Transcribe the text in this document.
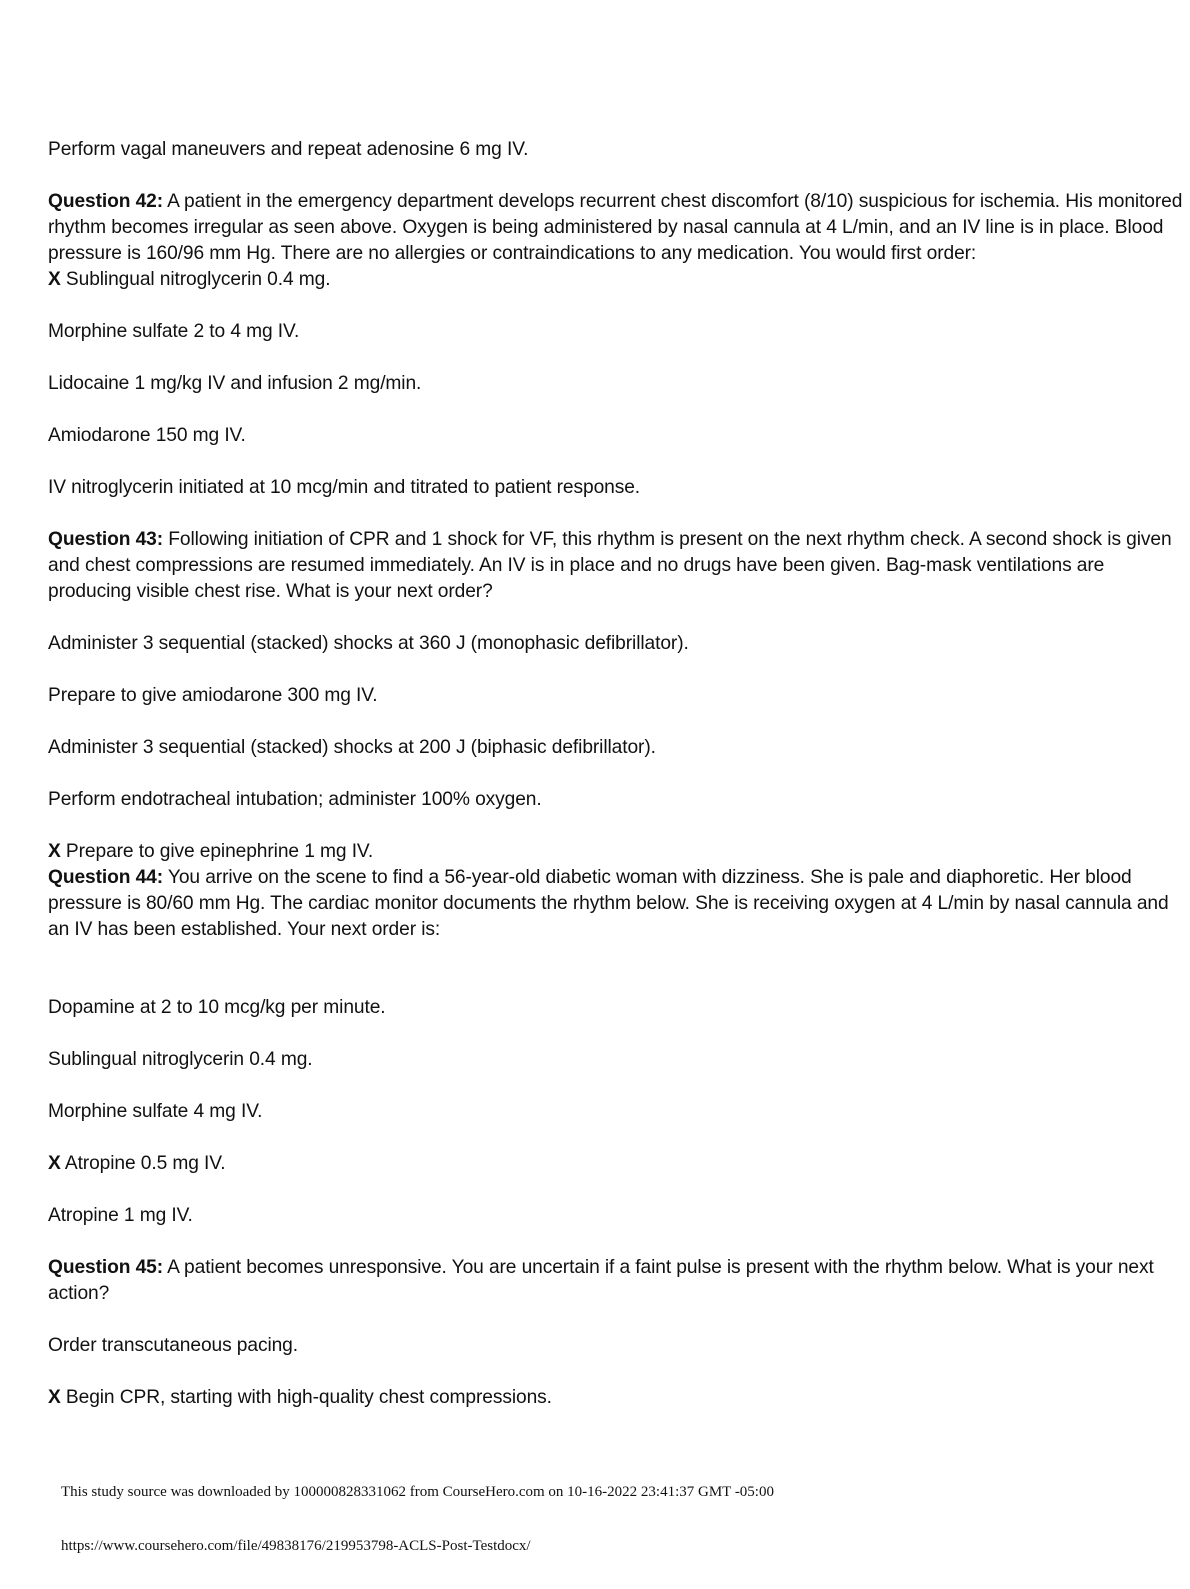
Perform vagal maneuvers and repeat adenosine 6 mg IV.

Question 42: A patient in the emergency department develops recurrent chest discomfort (8/10) suspicious for ischemia. His monitored rhythm becomes irregular as seen above. Oxygen is being administered by nasal cannula at 4 L/min, and an IV line is in place. Blood pressure is 160/96 mm Hg. There are no allergies or contraindications to any medication. You would first order:

X Sublingual nitroglycerin 0.4 mg.

Morphine sulfate 2 to 4 mg IV.

Lidocaine 1 mg/kg IV and infusion 2 mg/min.

Amiodarone 150 mg IV.

IV nitroglycerin initiated at 10 mcg/min and titrated to patient response.

Question 43: Following initiation of CPR and 1 shock for VF, this rhythm is present on the next rhythm check. A second shock is given and chest compressions are resumed immediately. An IV is in place and no drugs have been given. Bag-mask ventilations are producing visible chest rise. What is your next order?

Administer 3 sequential (stacked) shocks at 360 J (monophasic defibrillator).

Prepare to give amiodarone 300 mg IV.

Administer 3 sequential (stacked) shocks at 200 J (biphasic defibrillator).

Perform endotracheal intubation; administer 100% oxygen.

X Prepare to give epinephrine 1 mg IV.

Question 44: You arrive on the scene to find a 56-year-old diabetic woman with dizziness. She is pale and diaphoretic. Her blood pressure is 80/60 mm Hg. The cardiac monitor documents the rhythm below. She is receiving oxygen at 4 L/min by nasal cannula and an IV has been established. Your next order is:

Dopamine at 2 to 10 mcg/kg per minute.

Sublingual nitroglycerin 0.4 mg.

Morphine sulfate 4 mg IV.

X Atropine 0.5 mg IV.

Atropine 1 mg IV.

Question 45: A patient becomes unresponsive. You are uncertain if a faint pulse is present with the rhythm below. What is your next action?

Order transcutaneous pacing.

X Begin CPR, starting with high-quality chest compressions.

This study source was downloaded by 100000828331062 from CourseHero.com on 10-16-2022 23:41:37 GMT -05:00
https://www.coursehero.com/file/49838176/219953798-ACLS-Post-Testdocx/
